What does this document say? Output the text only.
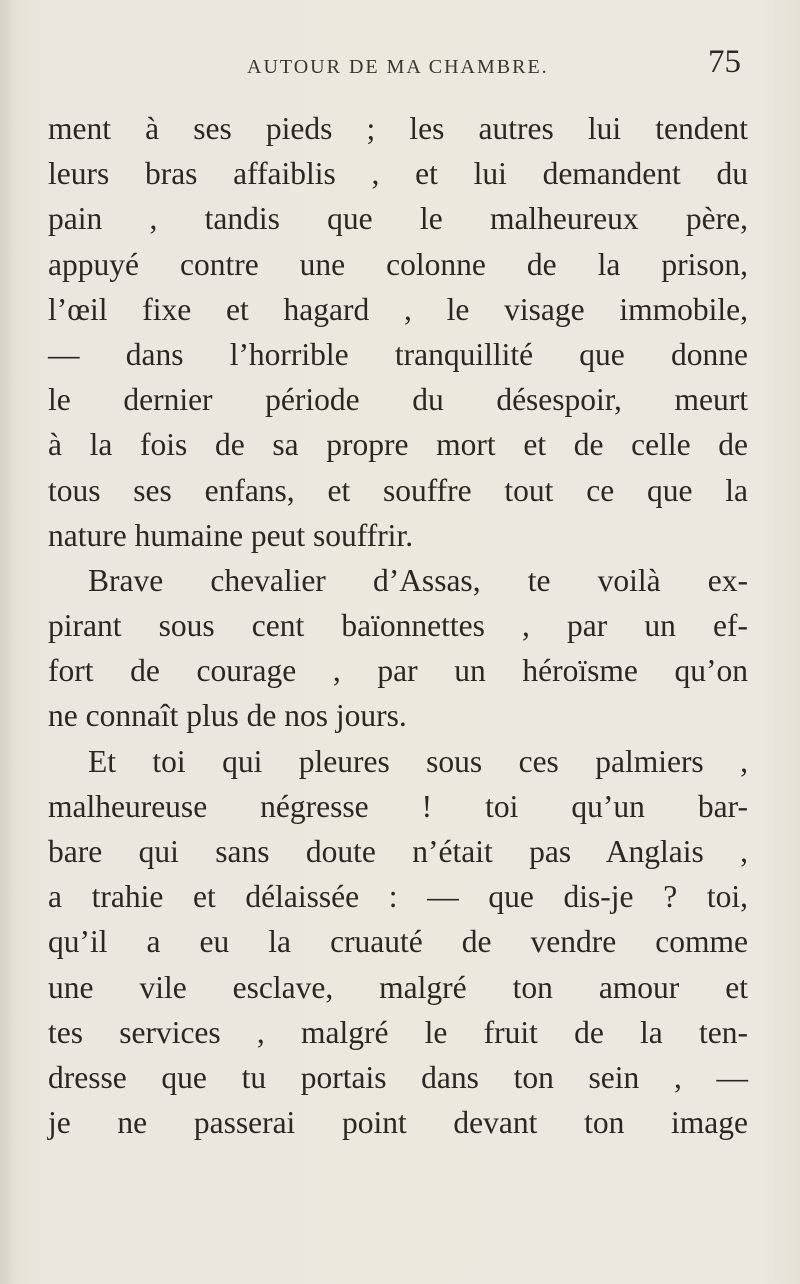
AUTOUR DE MA CHAMBRE.	75
ment à ses pieds ; les autres lui tendent
leurs bras affaiblis , et lui demandent du
pain , tandis que le malheureux père,
appuyé contre une colonne de la prison,
l’œil fixe et hagard , le visage immobile,
— dans l’horrible tranquillité que donne
le dernier période du désespoir, meurt
à la fois de sa propre mort et de celle de
tous ses enfans, et souffre tout ce que la
nature humaine peut souffrir.
Brave chevalier d’Assas, te voilà ex-
pirant sous cent baïonnettes , par un ef-
fort de courage , par un héroïsme qu’on
ne connaît plus de nos jours.
Et toi qui pleures sous ces palmiers ,
malheureuse négresse ! toi qu’un bar-
bare qui sans doute n’était pas Anglais ,
a trahie et délaissée : — que dis-je ? toi,
qu’il a eu la cruauté de vendre comme
une vile esclave, malgré ton amour et
tes services , malgré le fruit de la ten-
dresse que tu portais dans ton sein , —
je ne passerai point devant ton image
